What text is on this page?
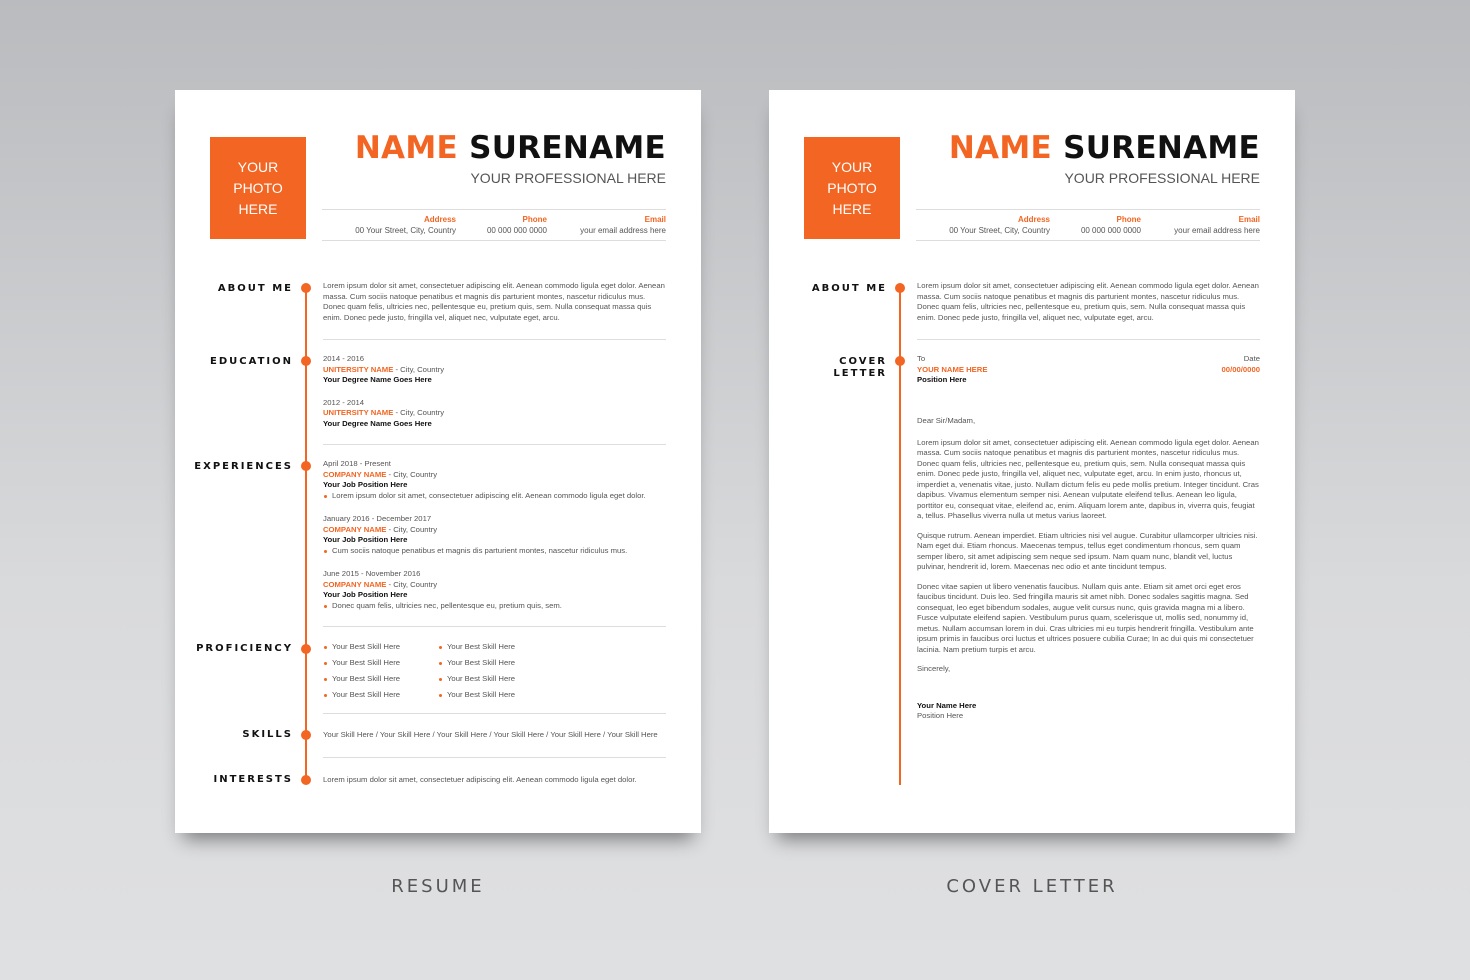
YOUR
PHOTO
HERE
NAME SURENAME
YOUR PROFESSIONAL HERE
Address
00 Your Street, City, Country
Phone
00 000 000 0000
Email
your email address here
ABOUT ME	Lorem ipsum dolor sit amet, consectetuer adipiscing elit. Aenean commodo ligula eget dolor. Aenean massa. Cum sociis natoque penatibus et magnis dis parturient montes, nascetur ridiculus mus. Donec quam felis, ultricies nec, pellentesque eu, pretium quis, sem. Nulla consequat massa quis enim. Donec pede justo, fringilla vel, aliquet nec, vulputate eget, arcu.
EDUCATION	2014 - 2016
UNITERSITY NAME - City, Country
Your Degree Name Goes Here
2012 - 2014
UNITERSITY NAME - City, Country
Your Degree Name Goes Here
EXPERIENCES	April 2018 - Present
COMPANY NAME - City, Country
Your Job Position Here
Lorem ipsum dolor sit amet, consectetuer adipiscing elit. Aenean commodo ligula eget dolor.
January 2016 - December 2017
COMPANY NAME - City, Country
Your Job Position Here
Cum sociis natoque penatibus et magnis dis parturient montes, nascetur ridiculus mus.
June 2015 - November 2016
COMPANY NAME - City, Country
Your Job Position Here
Donec quam felis, ultricies nec, pellentesque eu, pretium quis, sem.
PROFICIENCY	Your Best Skill Here	Your Best Skill Here
Your Best Skill Here	Your Best Skill Here
Your Best Skill Here	Your Best Skill Here
Your Best Skill Here	Your Best Skill Here
SKILLS	Your Skill Here / Your Skill Here / Your Skill Here / Your Skill Here / Your Skill Here / Your Skill Here
INTERESTS	Lorem ipsum dolor sit amet, consectetuer adipiscing elit. Aenean commodo ligula eget dolor.
RESUME
YOUR
PHOTO
HERE
NAME SURENAME
YOUR PROFESSIONAL HERE
Address
00 Your Street, City, Country
Phone
00 000 000 0000
Email
your email address here
ABOUT ME	Lorem ipsum dolor sit amet, consectetuer adipiscing elit. Aenean commodo ligula eget dolor. Aenean massa. Cum sociis natoque penatibus et magnis dis parturient montes, nascetur ridiculus mus. Donec quam felis, ultricies nec, pellentesque eu, pretium quis, sem. Nulla consequat massa quis enim. Donec pede justo, fringilla vel, aliquet nec, vulputate eget, arcu.
COVER
LETTER
To
YOUR NAME HERE
Position Here
Date
00/00/0000
Dear Sir/Madam,
Lorem ipsum dolor sit amet, consectetuer adipiscing elit. Aenean commodo ligula eget dolor. Aenean massa. Cum sociis natoque penatibus et magnis dis parturient montes, nascetur ridiculus mus. Donec quam felis, ultricies nec, pellentesque eu, pretium quis, sem. Nulla consequat massa quis enim. Donec pede justo, fringilla vel, aliquet nec, vulputate eget, arcu. In enim justo, rhoncus ut, imperdiet a, venenatis vitae, justo. Nullam dictum felis eu pede mollis pretium. Integer tincidunt. Cras dapibus. Vivamus elementum semper nisi. Aenean vulputate eleifend tellus. Aenean leo ligula, porttitor eu, consequat vitae, eleifend ac, enim. Aliquam lorem ante, dapibus in, viverra quis, feugiat a, tellus. Phasellus viverra nulla ut metus varius laoreet.
Quisque rutrum. Aenean imperdiet. Etiam ultricies nisi vel augue. Curabitur ullamcorper ultricies nisi. Nam eget dui. Etiam rhoncus. Maecenas tempus, tellus eget condimentum rhoncus, sem quam semper libero, sit amet adipiscing sem neque sed ipsum. Nam quam nunc, blandit vel, luctus pulvinar, hendrerit id, lorem. Maecenas nec odio et ante tincidunt tempus.
Donec vitae sapien ut libero venenatis faucibus. Nullam quis ante. Etiam sit amet orci eget eros faucibus tincidunt. Duis leo. Sed fringilla mauris sit amet nibh. Donec sodales sagittis magna. Sed consequat, leo eget bibendum sodales, augue velit cursus nunc, quis gravida magna mi a libero. Fusce vulputate eleifend sapien. Vestibulum purus quam, scelerisque ut, mollis sed, nonummy id, metus. Nullam accumsan lorem in dui. Cras ultricies mi eu turpis hendrerit fringilla. Vestibulum ante ipsum primis in faucibus orci luctus et ultrices posuere cubilia Curae; In ac dui quis mi consectetuer lacinia. Nam pretium turpis et arcu.
Sincerely,
Your Name Here
Position Here
COVER LETTER
